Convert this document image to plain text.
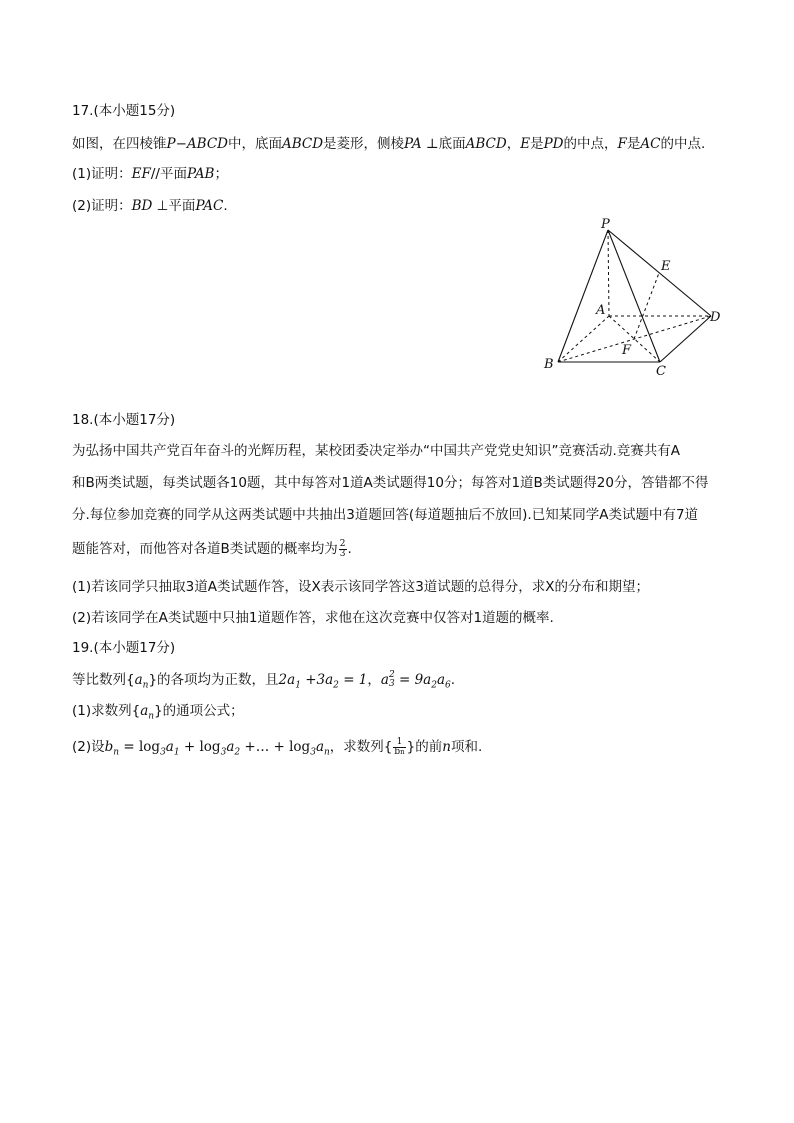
17.(本小题15分)
如图，在四棱锥P−ABCD中，底面ABCD是菱形，侧棱PA ⊥底面ABCD，E是PD的中点，F是AC的中点.
(1)证明：EF//平面PAB；
(2)证明：BD ⊥平面PAC.
P
E
A	D
F
B	C
18.(本小题17分)
为弘扬中国共产党百年奋斗的光辉历程，某校团委决定举办“中国共产党党史知识”竞赛活动.竞赛共有A
和B两类试题，每类试题各10题，其中每答对1道A类试题得10分；每答对1道B类试题得20分，答错都不得
分.每位参加竞赛的同学从这两类试题中共抽出3道题回答(每道题抽后不放回).已知某同学A类试题中有7道
题能答对，而他答对各道B类试题的概率均为 $\frac{2}{3}$ .
(1)若该同学只抽取3道A类试题作答，设X表示该同学答这3道试题的总得分，求X的分布和期望；
(2)若该同学在A类试题中只抽1道题作答，求他在这次竞赛中仅答对1道题的概率.
19.(本小题17分)
等比数列$\{a_n\}$的各项均为正数，且$2a_1 +3a_2 = 1$，a 2
$3 = 9a_2a_6$.
(1)求数列$\{a_n\}$的通项公式；
(2)设$b_n = \log_3a_1 + \log_3a_2$ +… + $\log_3a_n$，求数列{ $\frac{1}{bn}$ }的前n项和.
